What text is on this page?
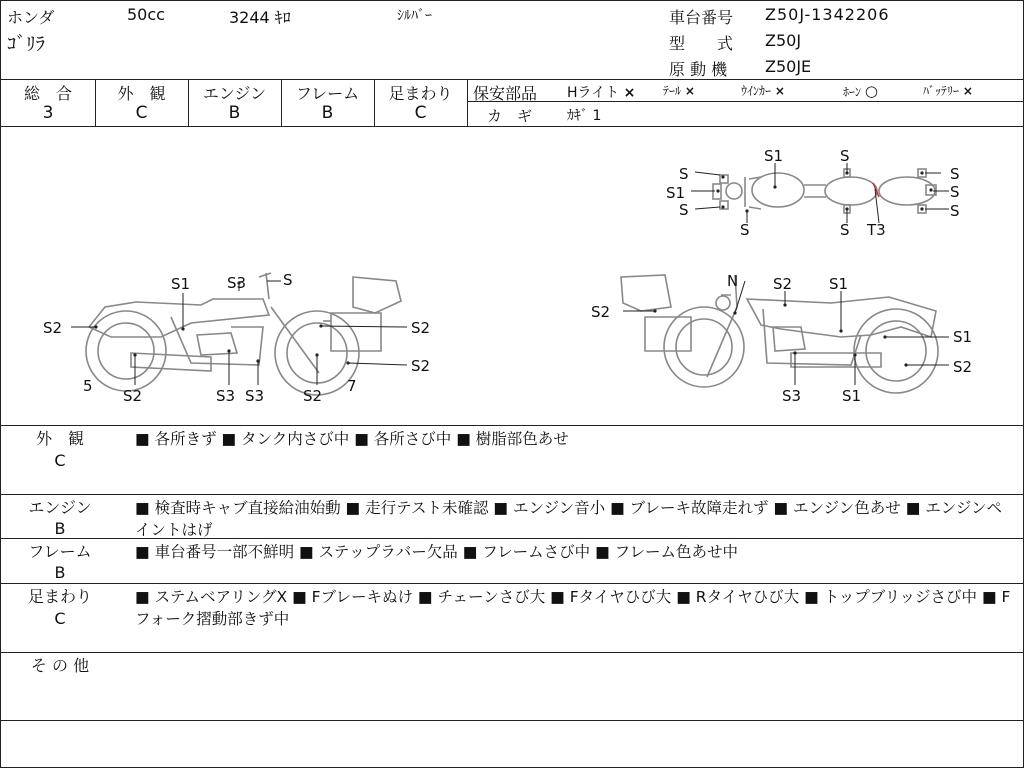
ホンダ	50cc	3244 ｷﾛ	ｼﾙﾊﾞｰ
ｺﾞﾘﾗ
車台番号 Z50J-1342206
型　　式 Z50J
原 動 機 Z50JE
総　合
3
外　観
C
エンジン
B
フレーム
B
足まわり
C
保安部品 Hライト × ﾃｰﾙ ×	ｳｲﾝｶｰ ×	ﾎｰﾝ ○	ﾊﾞｯﾃﾘｰ ×
カ　ギ ｶｷﾞ 1
S
S1
S
S1	S
S
S
S
S	S T3
S1 S3 S
S2	S2
S2
S2	S3 S3	S2
5	7
N S2 S1
S2
S1
S2
S3	S1
外　観
C
■ 各所きず ■ タンク内さび中 ■ 各所さび中 ■ 樹脂部色あせ
エンジン
B
■ 検査時キャブ直接給油始動 ■ 走行テスト未確認 ■ エンジン音小 ■ ブレーキ故障走れず ■ エンジン色あせ ■ エンジンペイントはげ
フレーム
B
■ 車台番号一部不鮮明 ■ ステップラバー欠品 ■ フレームさび中 ■ フレーム色あせ中
足まわり
C
■ ステムベアリングX ■ Fブレーキぬけ ■ チェーンさび大 ■ Fタイヤひび大 ■ Rタイヤひび大 ■ トップブリッジさび中 ■ Fフォーク摺動部きず中
そ の 他
